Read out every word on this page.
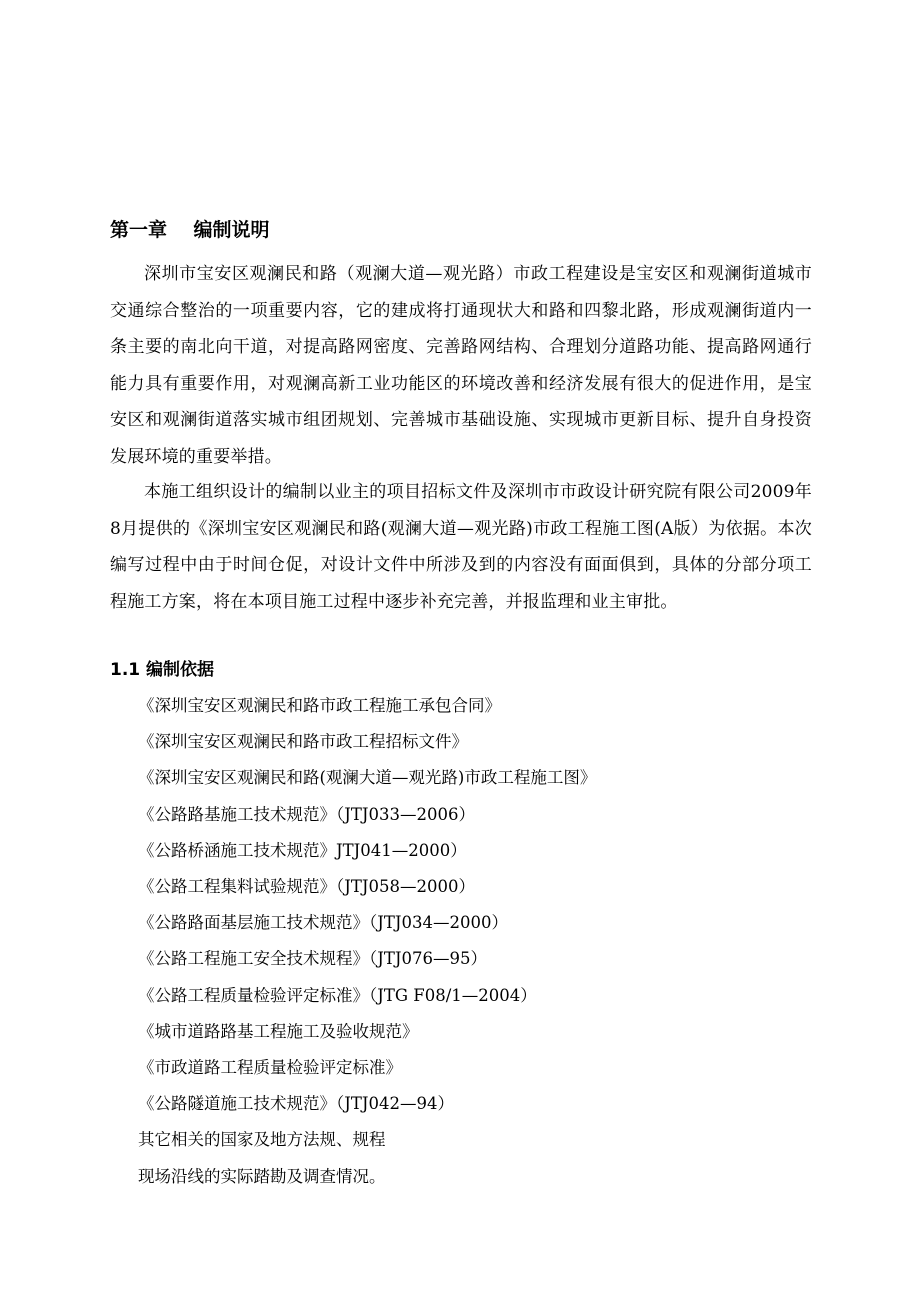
第一章    编制说明

深圳市宝安区观澜民和路（观澜大道—观光路）市政工程建设是宝安区和观澜街道城市交通综合整治的一项重要内容，它的建成将打通现状大和路和四黎北路，形成观澜街道内一条主要的南北向干道，对提高路网密度、完善路网结构、合理划分道路功能、提高路网通行能力具有重要作用，对观澜高新工业功能区的环境改善和经济发展有很大的促进作用，是宝安区和观澜街道落实城市组团规划、完善城市基础设施、实现城市更新目标、提升自身投资发展环境的重要举措。

本施工组织设计的编制以业主的项目招标文件及深圳市市政设计研究院有限公司2009年 8月提供的《深圳宝安区观澜民和路(观澜大道—观光路)市政工程施工图(A版）为依据。本次编写过程中由于时间仓促，对设计文件中所涉及到的内容没有面面俱到，具体的分部分项工程施工方案，将在本项目施工过程中逐步补充完善，并报监理和业主审批。

1.1 编制依据
《深圳宝安区观澜民和路市政工程施工承包合同》
《深圳宝安区观澜民和路市政工程招标文件》
《深圳宝安区观澜民和路(观澜大道—观光路)市政工程施工图》
《公路路基施工技术规范》（JTJ033—2006）
《公路桥涵施工技术规范》JTJ041—2000）
《公路工程集料试验规范》（JTJ058—2000）
《公路路面基层施工技术规范》（JTJ034—2000）
《公路工程施工安全技术规程》（JTJ076—95）
《公路工程质量检验评定标准》（JTG F08/1—2004）
《城市道路路基工程施工及验收规范》
《市政道路工程质量检验评定标准》
《公路隧道施工技术规范》（JTJ042—94）
其它相关的国家及地方法规、规程
现场沿线的实际踏勘及调查情况。
